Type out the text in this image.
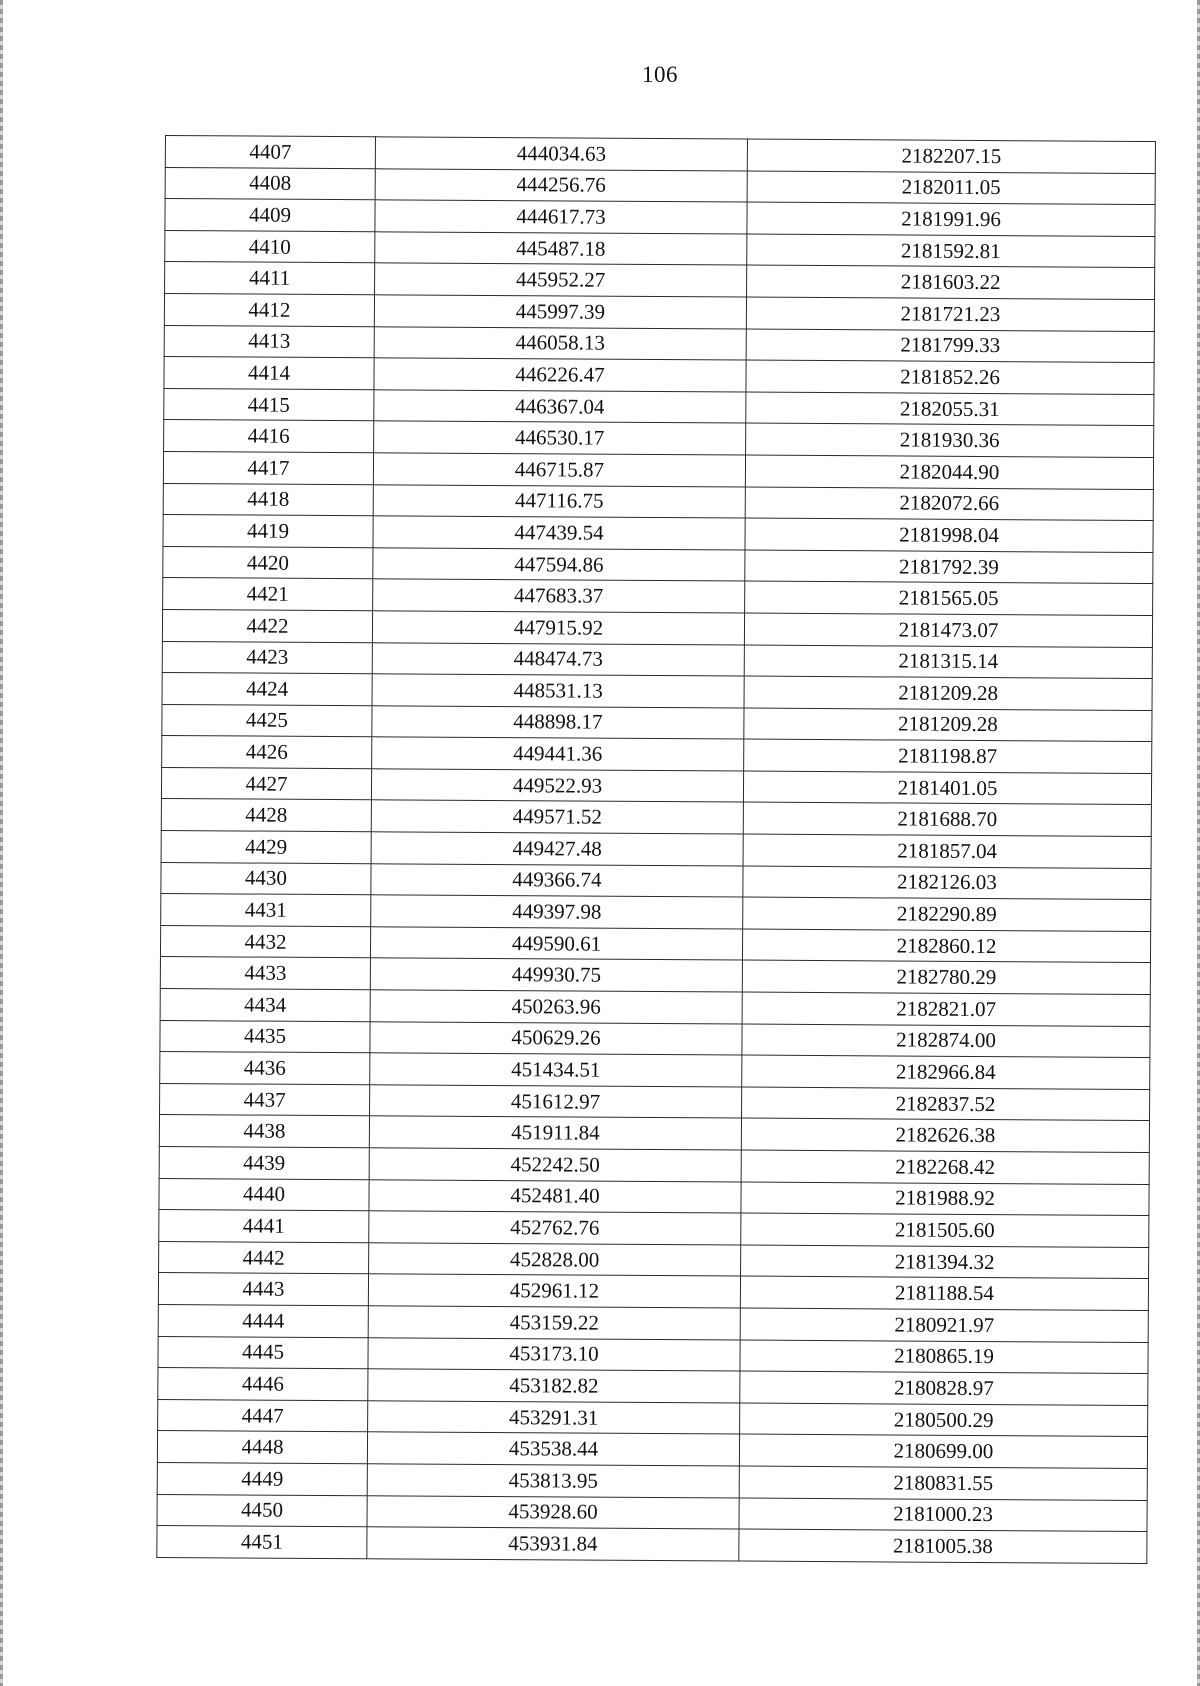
106
4407	444034.63	2182207.15
4408	444256.76	2182011.05
4409	444617.73	2181991.96
4410	445487.18	2181592.81
4411	445952.27	2181603.22
4412	445997.39	2181721.23
4413	446058.13	2181799.33
4414	446226.47	2181852.26
4415	446367.04	2182055.31
4416	446530.17	2181930.36
4417	446715.87	2182044.90
4418	447116.75	2182072.66
4419	447439.54	2181998.04
4420	447594.86	2181792.39
4421	447683.37	2181565.05
4422	447915.92	2181473.07
4423	448474.73	2181315.14
4424	448531.13	2181209.28
4425	448898.17	2181209.28
4426	449441.36	2181198.87
4427	449522.93	2181401.05
4428	449571.52	2181688.70
4429	449427.48	2181857.04
4430	449366.74	2182126.03
4431	449397.98	2182290.89
4432	449590.61	2182860.12
4433	449930.75	2182780.29
4434	450263.96	2182821.07
4435	450629.26	2182874.00
4436	451434.51	2182966.84
4437	451612.97	2182837.52
4438	451911.84	2182626.38
4439	452242.50	2182268.42
4440	452481.40	2181988.92
4441	452762.76	2181505.60
4442	452828.00	2181394.32
4443	452961.12	2181188.54
4444	453159.22	2180921.97
4445	453173.10	2180865.19
4446	453182.82	2180828.97
4447	453291.31	2180500.29
4448	453538.44	2180699.00
4449	453813.95	2180831.55
4450	453928.60	2181000.23
4451	453931.84	2181005.38
